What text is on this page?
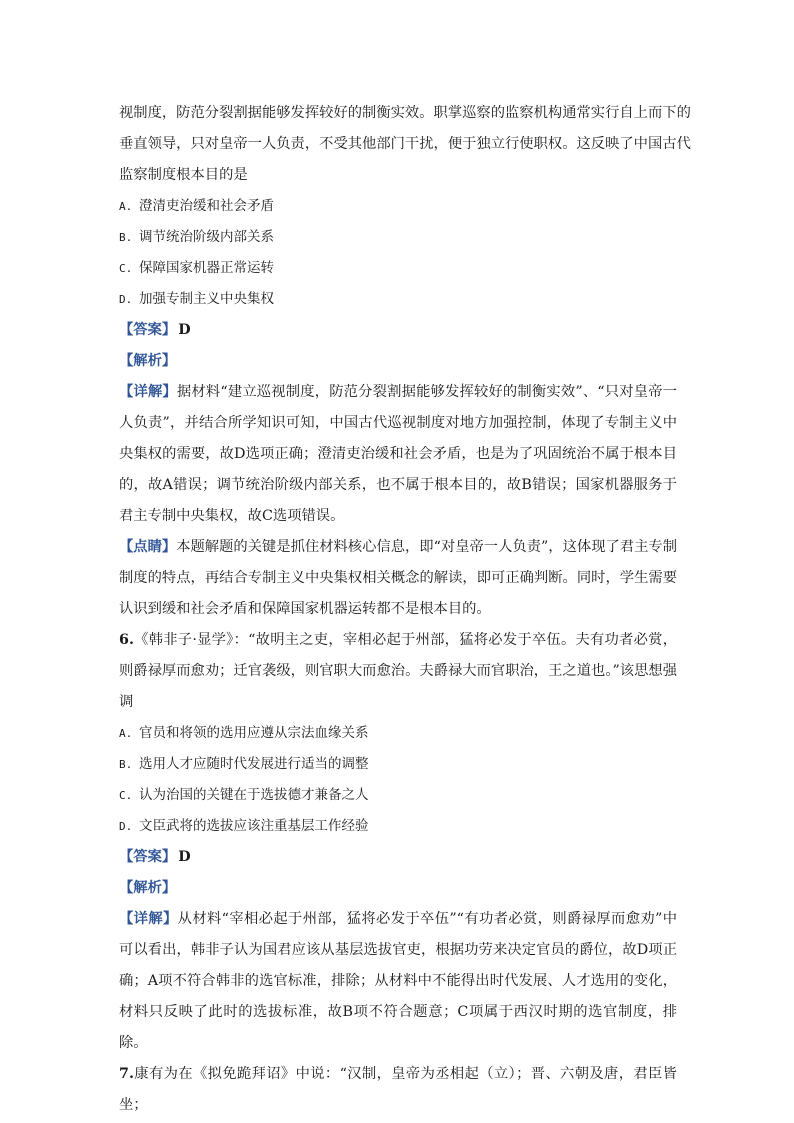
视制度，防范分裂割据能够发挥较好的制衡实效。职掌巡察的监察机构通常实行自上而下的
垂直领导，只对皇帝一人负责，不受其他部门干扰，便于独立行使职权。这反映了中国古代
监察制度根本目的是
A. 澄清吏治缓和社会矛盾
B. 调节统治阶级内部关系
C. 保障国家机器正常运转
D. 加强专制主义中央集权
【答案】 D
【解析】

【详解】据材料“建立巡视制度，防范分裂割据能够发挥较好的制衡实效”、“只对皇帝一人负责”，并结合所学知识可知，中国古代巡视制度对地方加强控制，体现了专制主义中央集权的需要，故D选项正确；澄清吏治缓和社会矛盾，也是为了巩固统治不属于根本目的，故A错误；调节统治阶级内部关系，也不属于根本目的，故B错误；国家机器服务于君主专制中央集权，故C选项错误。

【点睛】本题解题的关键是抓住材料核心信息，即“对皇帝一人负责”，这体现了君主专制制度的特点，再结合专制主义中央集权相关概念的解读，即可正确判断。同时，学生需要认识到缓和社会矛盾和保障国家机器运转都不是根本目的。

6.《韩非子·显学》：“故明主之吏，宰相必起于州部，猛将必发于卒伍。夫有功者必赏，则爵禄厚而愈劝；迁官袭级，则官职大而愈治。夫爵禄大而官职治，王之道也。”该思想强调

A. 官员和将领的选用应遵从宗法血缘关系
B. 选用人才应随时代发展进行适当的调整
C. 认为治国的关键在于选拔德才兼备之人
D. 文臣武将的选拔应该注重基层工作经验
【答案】 D
【解析】

【详解】从材料“宰相必起于州部，猛将必发于卒伍”“有功者必赏，则爵禄厚而愈劝”中可以看出，韩非子认为国君应该从基层选拔官吏，根据功劳来决定官员的爵位，故D项正确；A项不符合韩非的选官标准，排除；从材料中不能得出时代发展、人才选用的变化，材料只反映了此时的选拔标准，故B项不符合题意；C项属于西汉时期的选官制度，排除。

7.康有为在《拟免跪拜诏》中说：“汉制，皇帝为丞相起（立）；晋、六朝及唐，君臣皆坐；
